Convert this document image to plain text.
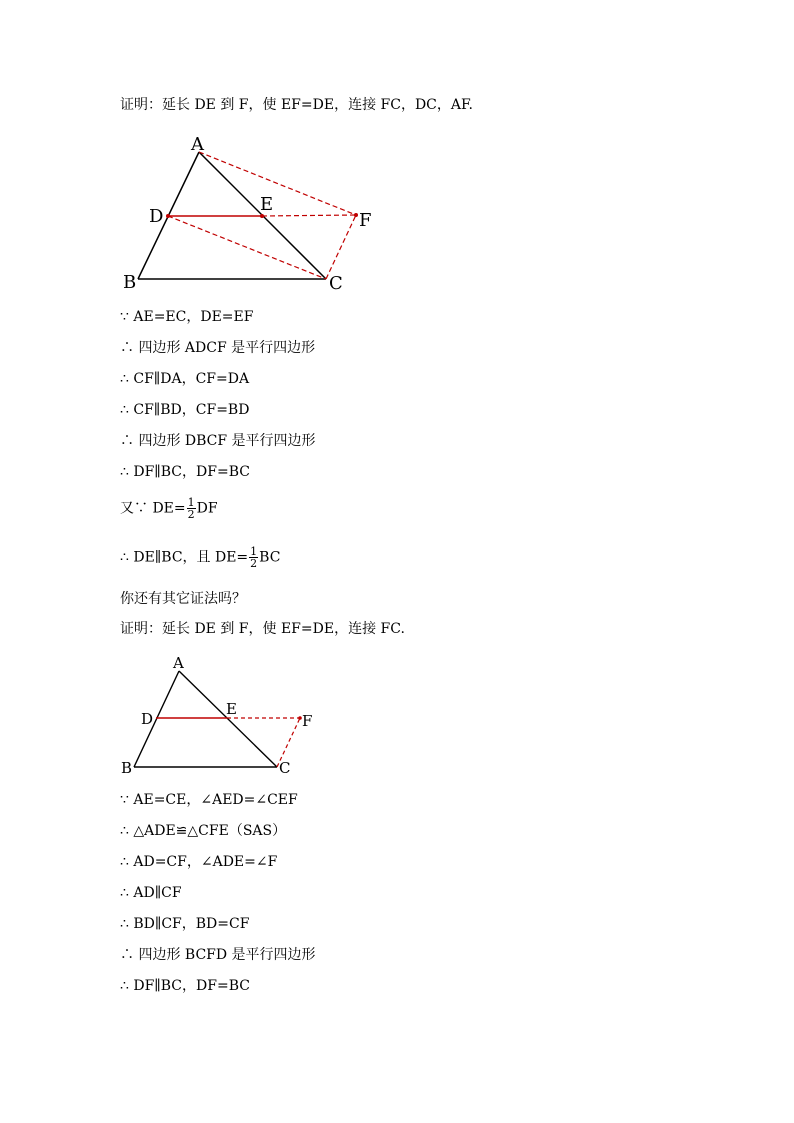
证明：延长 DE 到 F，使 EF=DE，连接 FC，DC，AF.
A
B	C
D
E
F
∵ AE=EC，DE=EF
∴ 四边形 ADCF 是平行四边形
∴ CF∥DA，CF=DA
∴ CF∥BD，CF=BD
∴ 四边形 DBCF 是平行四边形
∴ DF∥BC，DF=BC
又∵ $DE= \frac{1}{2}$ DF
∴ DE∥BC，且 $DE= \frac{1}{2}$ BC
你还有其它证法吗？
证明：延长 DE 到 F，使 EF=DE，连接 FC.
A
B	C
D
E
F
∵ AE=CE，∠AED=∠CEF
∴ △ADE≌△CFE（SAS）
∴ AD=CF，∠ADE=∠F
∴ AD∥CF
∴ BD∥CF，BD=CF
∴ 四边形 BCFD 是平行四边形
∴ DF∥BC，DF=BC
